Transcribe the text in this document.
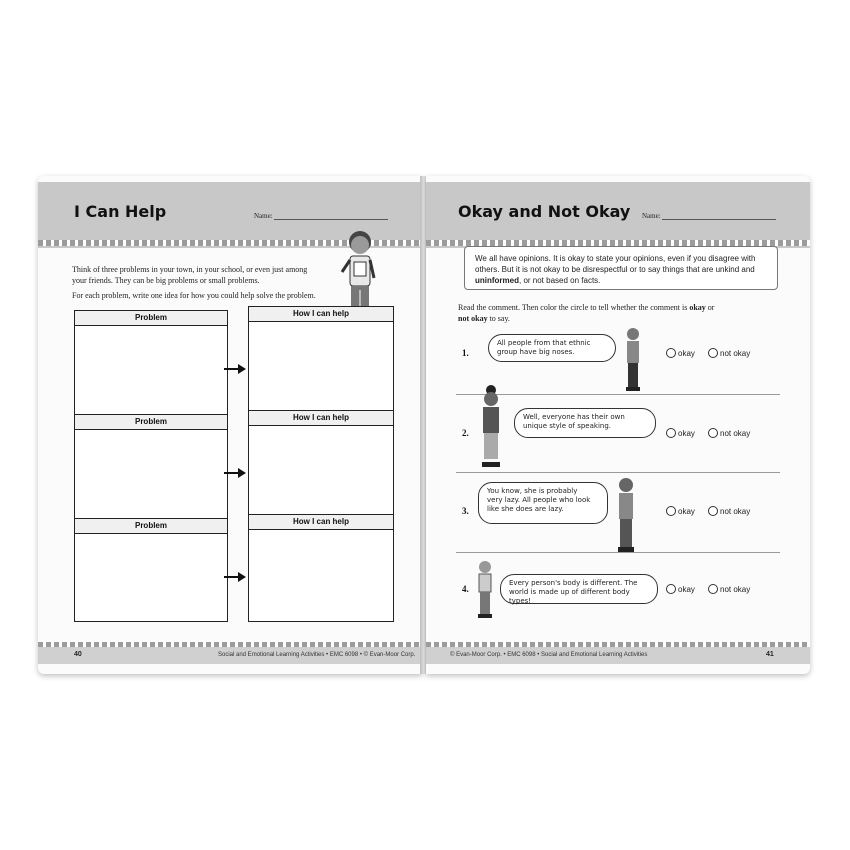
I Can Help	Name:
Think of three problems in your town, in your school, or even just among
your friends. They can be big problems or small problems.
For each problem, write one idea for how you could help solve the problem.
Problem	How I can help
Problem	How I can help
Problem	How I can help
40	Social and Emotional Learning Activities • EMC 6098 • © Evan-Moor Corp.
Okay and Not Okay Name:
We all have opinions. It is okay to state your opinions, even if you disagree with
others. But it is not okay to be disrespectful or to say things that are unkind and
uninformed, or not based on facts.
Read the comment. Then color the circle to tell whether the comment is okay or
not okay to say.
1.
All people from that ethnic
group have big noses.	okay	not okay
2.
Well, everyone has their own
unique style of speaking.
okay	not okay
3.
You know, she is probably
very lazy. All people who look
like she does are lazy.	okay	not okay
4.
Every person's body is different. The
world is made up of different body types!
okay	not okay
© Evan-Moor Corp. • EMC 6098 • Social and Emotional Learning Activities	41
